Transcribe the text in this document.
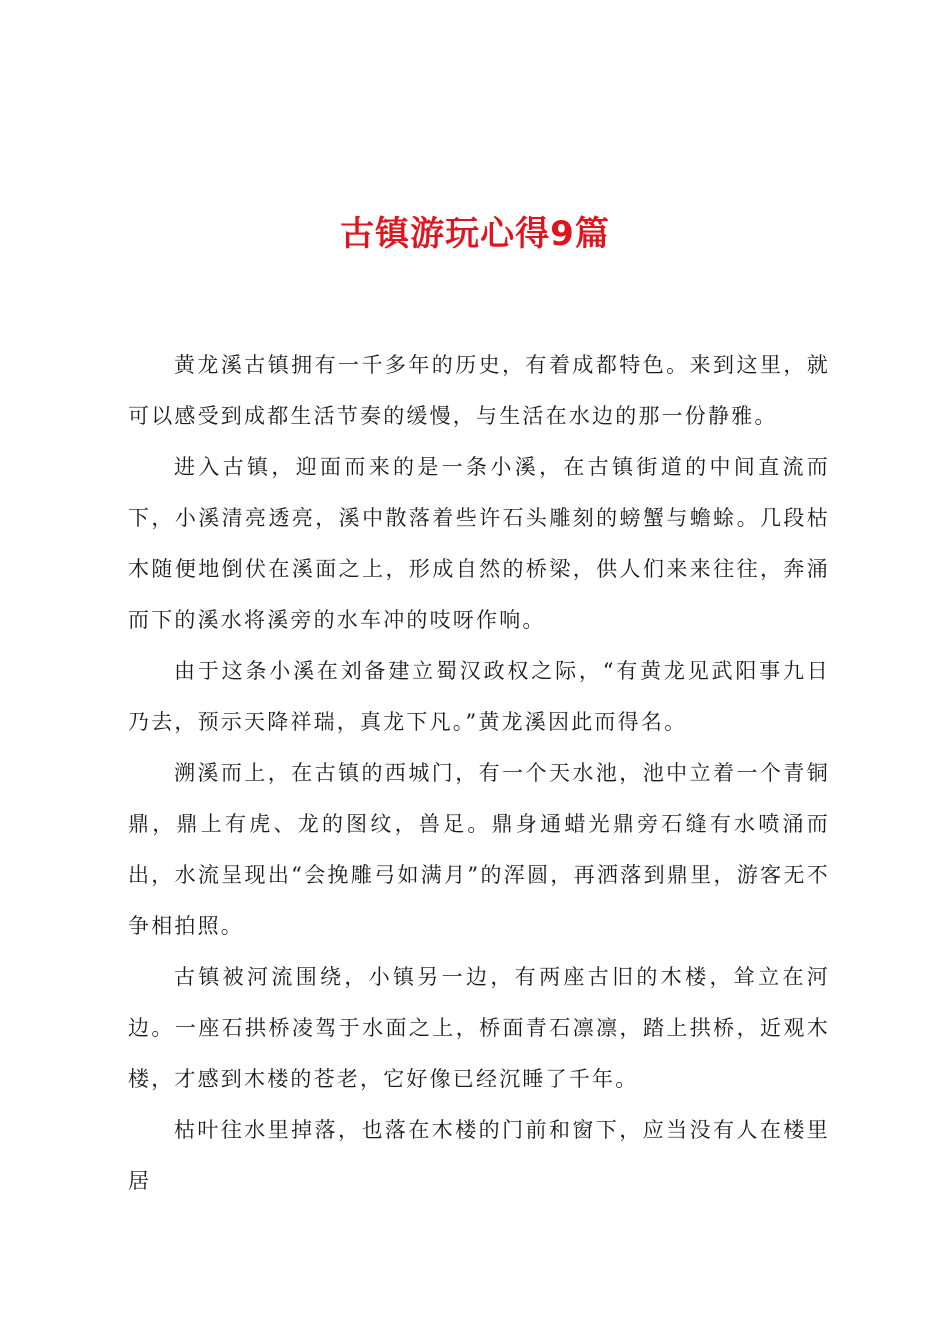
古镇游玩心得9篇

黄龙溪古镇拥有一千多年的历史，有着成都特色。来到这里，就可以感受到成都生活节奏的缓慢，与生活在水边的那一份静雅。

进入古镇，迎面而来的是一条小溪，在古镇街道的中间直流而下，小溪清亮透亮，溪中散落着些许石头雕刻的螃蟹与蟾蜍。几段枯木随便地倒伏在溪面之上，形成自然的桥梁，供人们来来往往，奔涌而下的溪水将溪旁的水车冲的吱呀作响。

由于这条小溪在刘备建立蜀汉政权之际，“有黄龙见武阳事九日乃去，预示天降祥瑞，真龙下凡。”黄龙溪因此而得名。

溯溪而上，在古镇的西城门，有一个天水池，池中立着一个青铜鼎，鼎上有虎、龙的图纹，兽足。鼎身通蜡光鼎旁石缝有水喷涌而出，水流呈现出“会挽雕弓如满月”的浑圆，再洒落到鼎里，游客无不争相拍照。

古镇被河流围绕，小镇另一边，有两座古旧的木楼，耸立在河边。一座石拱桥凌驾于水面之上，桥面青石凛凛，踏上拱桥，近观木楼，才感到木楼的苍老，它好像已经沉睡了千年。

枯叶往水里掉落，也落在木楼的门前和窗下，应当没有人在楼里居
